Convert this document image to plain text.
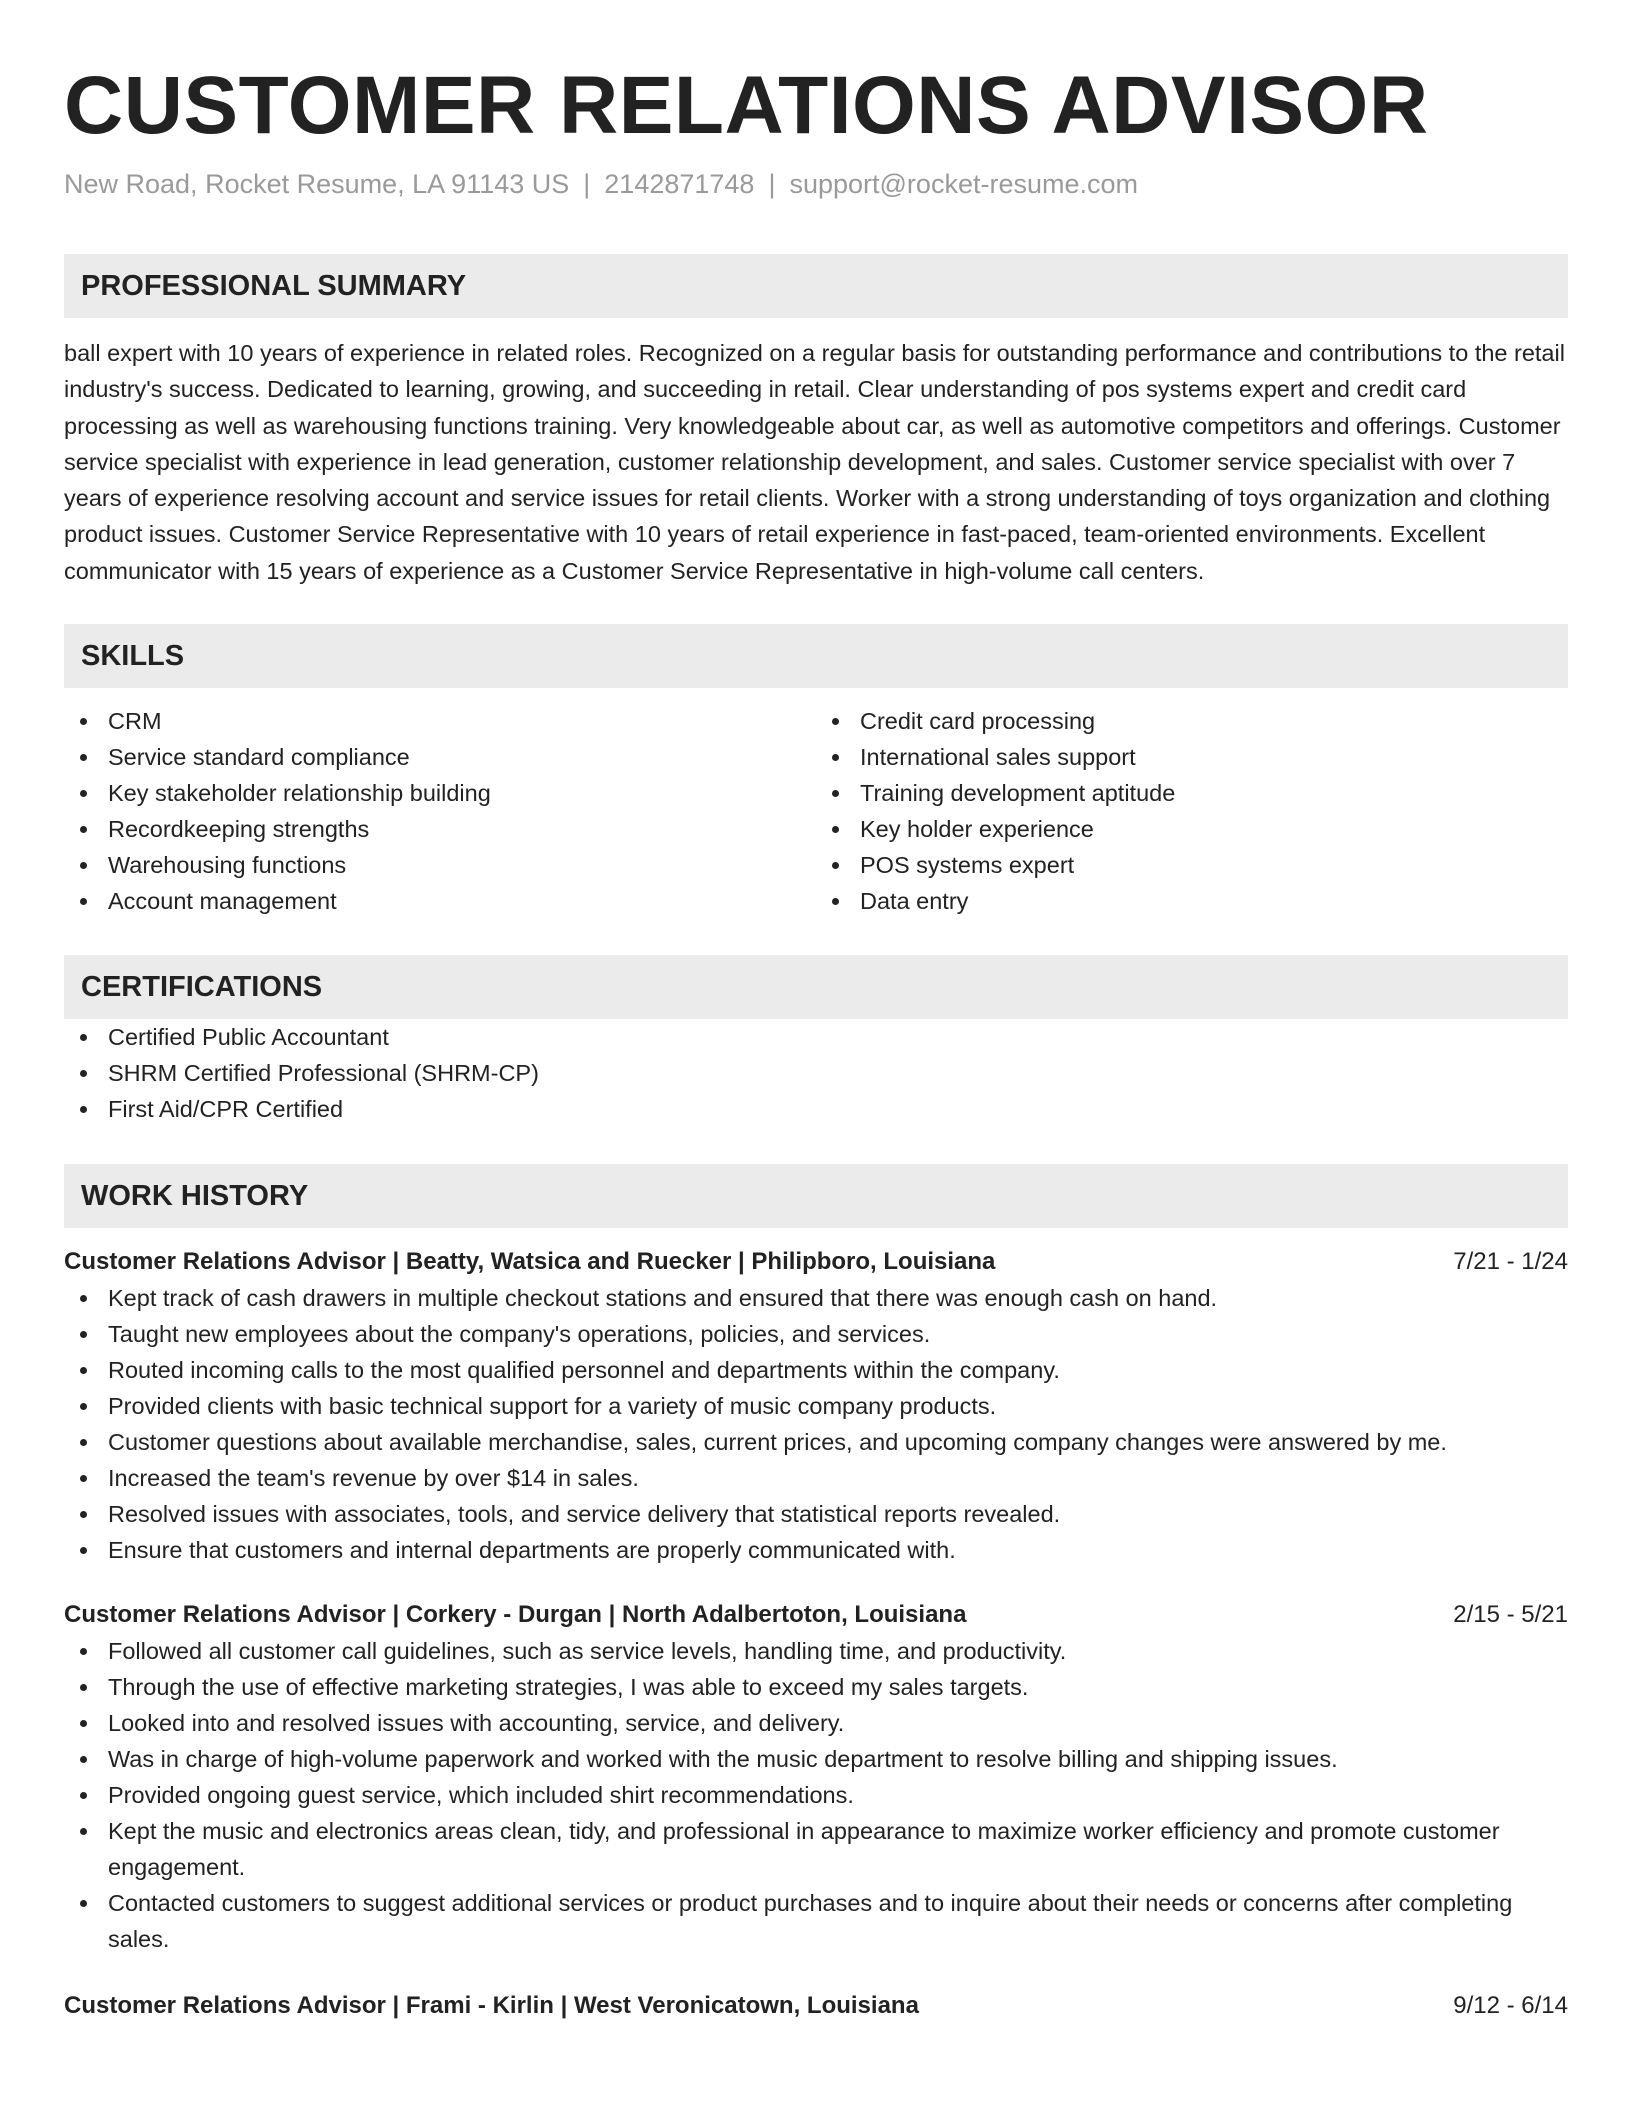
CUSTOMER RELATIONS ADVISOR
New Road, Rocket Resume, LA 91143 US | 2142871748 | support@rocket-resume.com
PROFESSIONAL SUMMARY
ball expert with 10 years of experience in related roles. Recognized on a regular basis for outstanding performance and contributions to the retail industry's success. Dedicated to learning, growing, and succeeding in retail. Clear understanding of pos systems expert and credit card processing as well as warehousing functions training. Very knowledgeable about car, as well as automotive competitors and offerings. Customer service specialist with experience in lead generation, customer relationship development, and sales. Customer service specialist with over 7 years of experience resolving account and service issues for retail clients. Worker with a strong understanding of toys organization and clothing product issues. Customer Service Representative with 10 years of retail experience in fast-paced, team-oriented environments. Excellent communicator with 15 years of experience as a Customer Service Representative in high-volume call centers.
SKILLS
CRM
Service standard compliance
Key stakeholder relationship building
Recordkeeping strengths
Warehousing functions
Account management
Credit card processing
International sales support
Training development aptitude
Key holder experience
POS systems expert
Data entry
CERTIFICATIONS
Certified Public Accountant
SHRM Certified Professional (SHRM-CP)
First Aid/CPR Certified
WORK HISTORY
Customer Relations Advisor | Beatty, Watsica and Ruecker | Philipboro, Louisiana	7/21 - 1/24
Kept track of cash drawers in multiple checkout stations and ensured that there was enough cash on hand.
Taught new employees about the company's operations, policies, and services.
Routed incoming calls to the most qualified personnel and departments within the company.
Provided clients with basic technical support for a variety of music company products.
Customer questions about available merchandise, sales, current prices, and upcoming company changes were answered by me.
Increased the team's revenue by over $14 in sales.
Resolved issues with associates, tools, and service delivery that statistical reports revealed.
Ensure that customers and internal departments are properly communicated with.
Customer Relations Advisor | Corkery - Durgan | North Adalbertoton, Louisiana	2/15 - 5/21
Followed all customer call guidelines, such as service levels, handling time, and productivity.
Through the use of effective marketing strategies, I was able to exceed my sales targets.
Looked into and resolved issues with accounting, service, and delivery.
Was in charge of high-volume paperwork and worked with the music department to resolve billing and shipping issues.
Provided ongoing guest service, which included shirt recommendations.
Kept the music and electronics areas clean, tidy, and professional in appearance to maximize worker efficiency and promote customer engagement.
Contacted customers to suggest additional services or product purchases and to inquire about their needs or concerns after completing sales.
Customer Relations Advisor | Frami - Kirlin | West Veronicatown, Louisiana	9/12 - 6/14
